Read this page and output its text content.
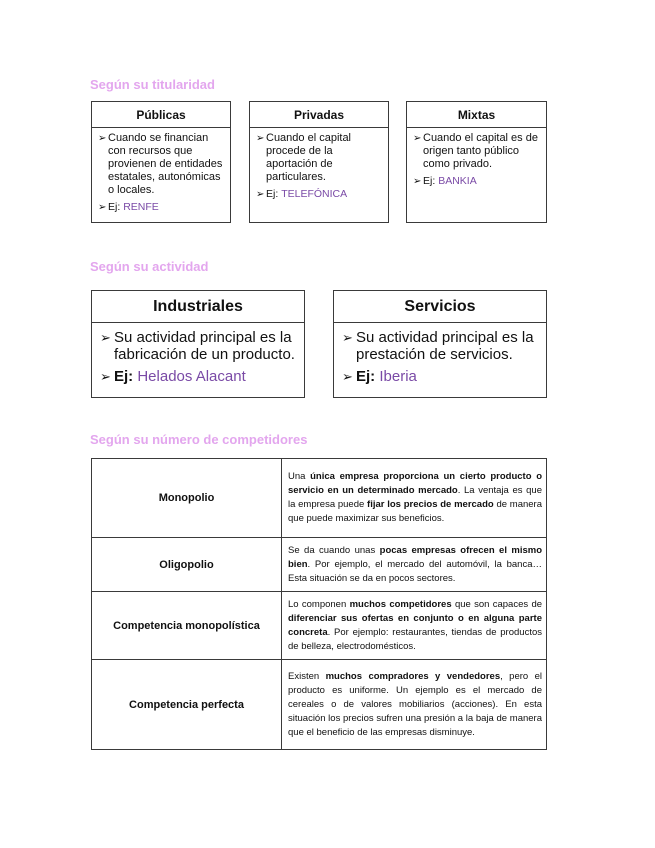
Según su titularidad
Públicas
➢ Cuando se financian con recursos que provienen de entidades estatales, autonómicas o locales.
➢ Ej:
RENFE
Privadas
➢ Cuando el capital procede de la aportación de particulares.
➢ Ej:
TELEFÓNICA
Mixtas
➢ Cuando el capital es de origen tanto público como privado.
➢ Ej:
BANKIA
Según su actividad
Industriales
➢ Su actividad principal es la fabricación de un producto.
➢ Ej:
Helados Alacant
Servicios
➢ Su actividad principal es la prestación de servicios.
➢ Ej:
Iberia
Según su número de competidores
Monopolio	Una única empresa proporciona un cierto producto o servicio en un determinado mercado. La ventaja es que la empresa puede fijar los precios de mercado de manera que puede maximizar sus beneficios.
Oligopolio	Se da cuando unas pocas empresas ofrecen el mismo bien. Por ejemplo, el mercado del automóvil, la banca… Esta situación se da en pocos sectores.
Competencia monopolística	Lo componen muchos competidores que son capaces de diferenciar sus ofertas en conjunto o en alguna parte concreta. Por ejemplo: restaurantes, tiendas de productos de belleza, electrodomésticos.
Competencia perfecta	Existen muchos compradores y vendedores, pero el producto es uniforme. Un ejemplo es el mercado de cereales o de valores mobiliarios (acciones). En esta situación los precios sufren una presión a la baja de manera que el beneficio de las empresas disminuye.
